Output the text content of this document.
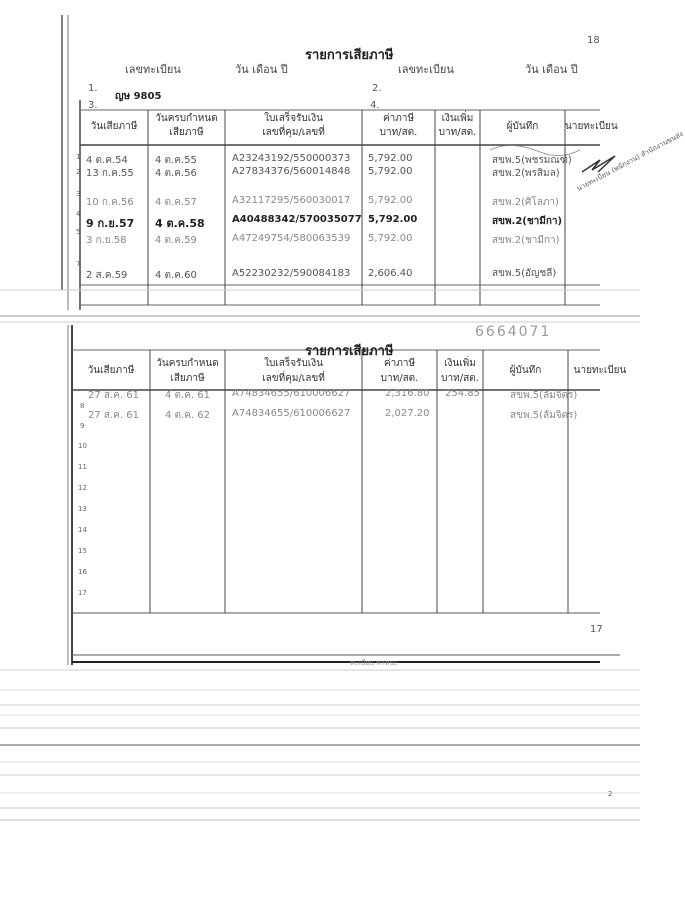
18
รายการเสียภาษี
เลขทะเบียน	วัน เดือน ปี	เลขทะเบียน	วัน เดือน ปี
1.
ญษ 9805
2.
3.	4.
วันเสียภาษี
วันครบกำหนด
เสียภาษี
ใบเสร็จรับเงิน
เลขที่คุม/เลขที่
ค่าภาษี
บาท/สต.
เงินเพิ่ม
บาท/สต.
ผู้บันทึก	นายทะเบียน
1 4 ต.ค.54	4 ต.ค.55	A23243192/550000373 5,792.00	สขพ.5(พชรมณฑ์)
2 13 ก.ค.55 4 ต.ค.56	A27834376/560014848 5,792.00	สขพ.2(พรสิมล)
3
10 ก.ค.56 4 ต.ค.57	A32117295/560030017 5,792.00	สขพ.2(ศิโลภา)
4
9 ก.ย.57 4 ต.ค.58	A40488342/570035077 5,792.00	สขพ.2(ชามีกา)
5
3 ก.ย.58	4 ต.ค.59	A47249754/580063539 5,792.00	สขพ.2(ชามีกา)
7
2 ส.ค.59	4 ต.ค.60	A52230232/590084183 2,606.40	สขพ.5(อัญชลี)
นายทะเบียน (พนักงาน) สำนักงานขนส่ง
6664071
รายการเสียภาษี
วันเสียภาษี
วันครบกำหนด
เสียภาษี
ใบเสร็จรับเงิน
เลขที่คุม/เลขที่
ค่าภาษี
บาท/สต.
เงินเพิ่ม
บาท/สต.
ผู้บันทึก	นายทะเบียน
27 ส.ค. 61	4 ต.ค. 61 A74834655/610006627	2,316.80 254.85	สขพ.5(ลัมจิตร)
8
27 ส.ค. 61	4 ต.ค. 62 A74834655/610006627	2,027.20	สขพ.5(ลัมจิตร)
9
10
11
12
13
14
15
16
17
17
ทะเบียน พาหนะ
2
